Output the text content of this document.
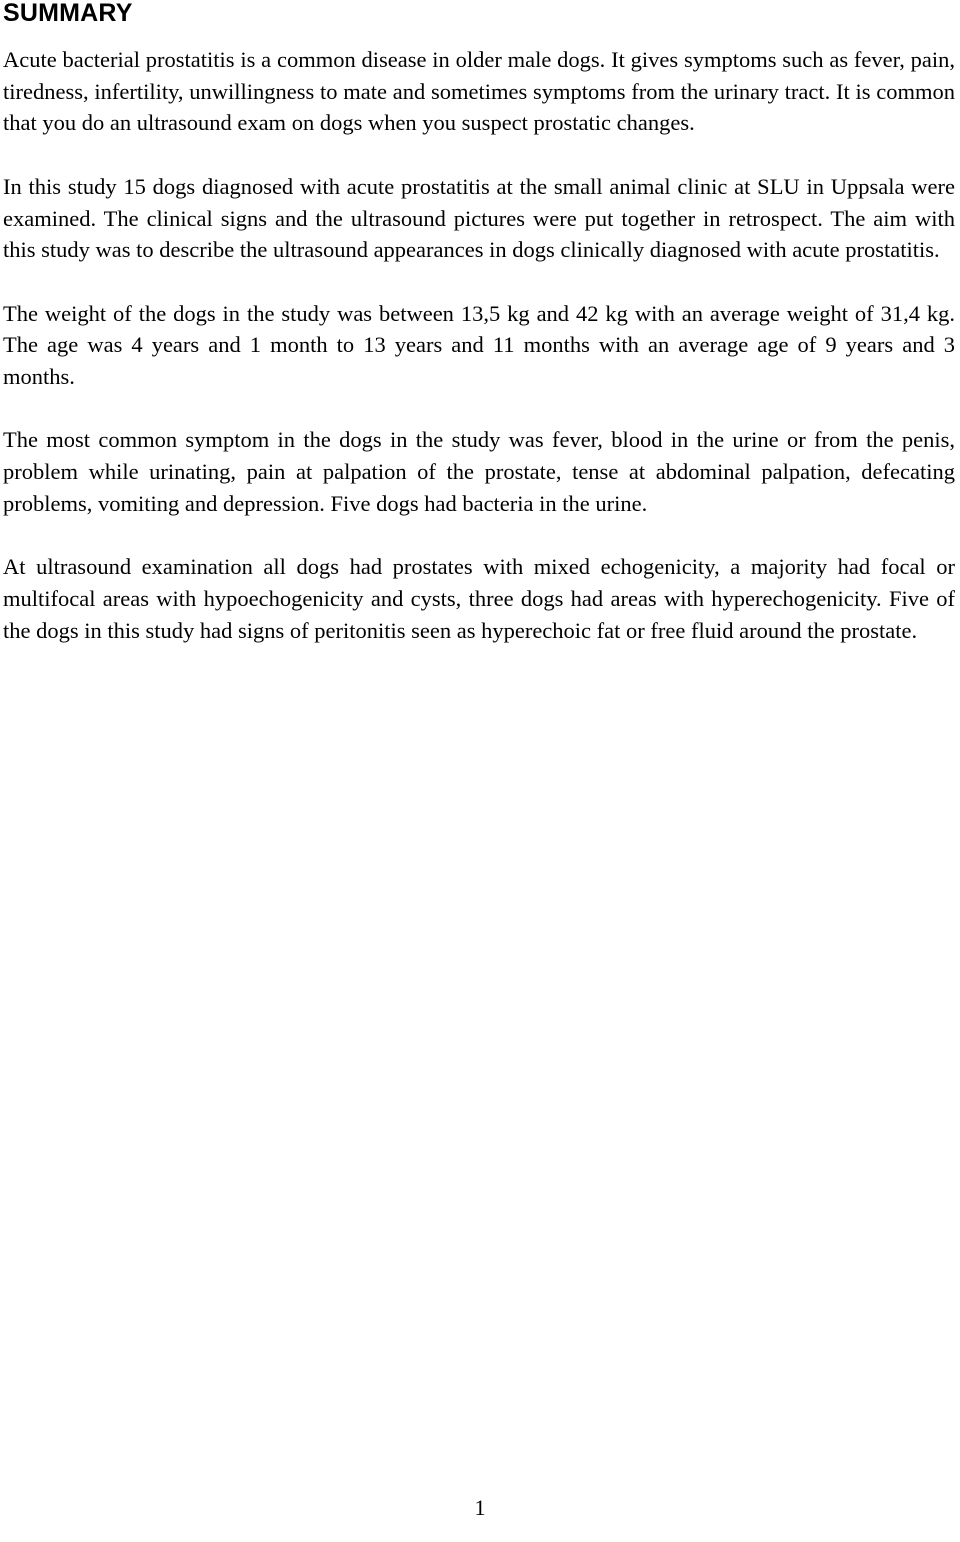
SUMMARY

Acute bacterial prostatitis is a common disease in older male dogs. It gives symptoms such as fever, pain, tiredness, infertility, unwillingness to mate and sometimes symptoms from the urinary tract. It is common that you do an ultrasound exam on dogs when you suspect prostatic changes.

In this study 15 dogs diagnosed with acute prostatitis at the small animal clinic at SLU in Uppsala were examined. The clinical signs and the ultrasound pictures were put together in retrospect. The aim with this study was to describe the ultrasound appearances in dogs clinically diagnosed with acute prostatitis.

The weight of the dogs in the study was between 13,5 kg and 42 kg with an average weight of 31,4 kg. The age was 4 years and 1 month to 13 years and 11 months with an average age of 9 years and 3 months.

The most common symptom in the dogs in the study was fever, blood in the urine or from the penis, problem while urinating, pain at palpation of the prostate, tense at abdominal palpation, defecating problems, vomiting and depression. Five dogs had bacteria in the urine.

At ultrasound examination all dogs had prostates with mixed echogenicity, a majority had focal or multifocal areas with hypoechogenicity and cysts, three dogs had areas with hyperechogenicity. Five of the dogs in this study had signs of peritonitis seen as hyperechoic fat or free fluid around the prostate.

1
